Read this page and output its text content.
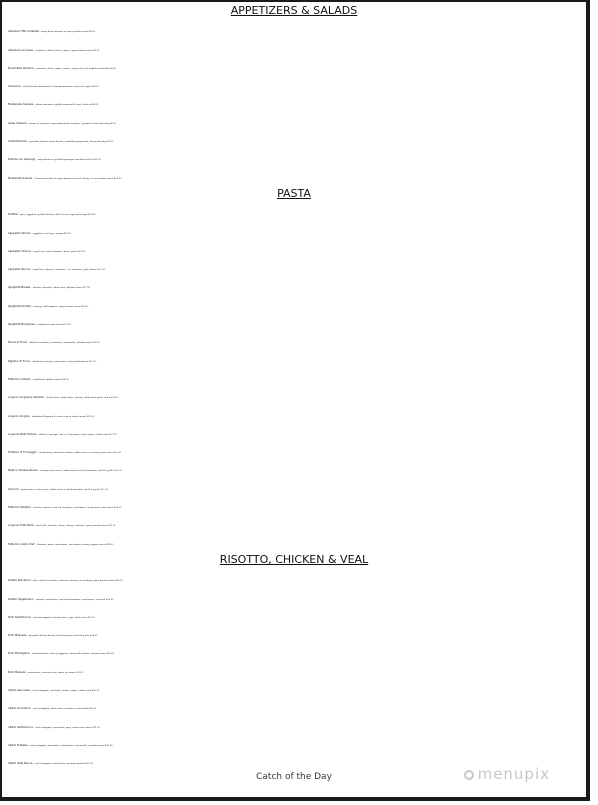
APPETIZERS & SALADS
Calamari Fritti Arrabiata – deep fried calamari w/ spicy tomato sauce $9.95
Calamari Livornese – sautéed w/ black olives, capers, spicy tomato sauce $9.95
Bruschetta Romana – tomatoes, basil, capers, onions, virgin olive oil, buffalo mozzarella $8.95
Carpaccio – thinly sliced cured beef w/ shaved parmesan cheese & capers $9.95
Mozzarella Caprese – sliced tomatoes, buffalo mozzarella, basil, olive oil $8.95
Cesar Classica – hearts of romaine, homemade garlic croutons, signature Cesar dressing $6.95
Grilled Romain – pancetta (Italian cured bacon), crumbled gorgonzola, house dressing $9.95
Polenta con asparagi – soft polenta w/ grilled asparagus and black olives $12.95
Mozzarella Scampi – Fried mozzarella w/ spicy tomato sauce & shrimp, in an anisette sauce $13.95
PASTA
Farfalle – peas, eggplant, grilled chicken, dash of veal ragu and asiago $20.95
Cappellini Norma – eggplant, veal ragu, asiago $16.95
Cappellini Checca – angel hair, fresh tomatoes, basil, garlic $14.95
Cappellini Burina – angel hair, spinach, tomatoes, s. d. tomatoes, goat cheese $15.95
Spaghetti Barese – chicken, broccoli, white wine, Alfredo sauce $17.95
Spaghetti Ghiotta – sausage, bell peppers, spicy tomato sauce $16.95
Spaghetti Bolognese – traditional meat sauce $15.95
Penne al Forno – baked w/ chicken, artichokes, mozzarella, alfredo sauce $16.95
Rigatoni Al Forno – baked w/ sausage, meat sauce, mozzarella cheese $17.95
Fettuccini Alfredo – traditional alfredo sauce $14.95
Linguini Vongole & Gamberi – fresh clams, baby clams, shrimp, white wine garlic sauce $22.95
Linguini Vongole – traditional linguine & clams (red or white sauce) $18.95
Linguine Mala Femina – chicken, sausage, and s. d. tomatoes, Cajun spices, white wine $17.95
Tortellini di Formaggio – mushrooms, parmesan cheese, vodka sauce or creamy meat sauce $15.95
Meat or Cheese Ravioli – creamy meat sauce, vodka sauce or fresh tomatoes, basil & garlic $15.95
Gnocchi – pesto sauce, meat sauce, vodka sauce or fresh tomatoes, basil & garlic $15.95
Fettuccini Bettola – chicken, spinach, and s.d. tomatoes, artichokes, mushrooms, pink sauce $20.95
Linguine Tutto Mare – fresh fish, mussels, clams, shrimp, calamari, spicy tomato sauce $26.95
Fettuccini dello Chef – Pancetta, peas, mushrooms, red onions creamy cognac sauce $20.95
RISOTTO, CHICKEN & VEAL
Risotto Pescatora – fish, clams & mussels, calamari, shrimp, sea scallops, spicy tomato sauce $26.95
Risotto Vegetariano – spinach, artichokes, sun dried tomatoes, mushrooms, zucchini $20.95
Pollo Saltimbocca – chicken topped w/ parma ham, sage, white wine $21.95
Pollo Milanese – breaded chicken breast, fresh tomatoes, basil & garlic $18.95
Pollo Parmigiana – chicken breast, slice of eggplant, mozzarella cheese, tomato sauce $18.95
Pollo Marsala – mushrooms, marsala wine, touch of cream $19.95
Vitello Genovese – veal scaloppini, artichoke, lemon, capers, white wine $20.95
Vitello Sorrentina – veal scaloppini, white wine, marinara, mozzarella $20.95
Vitello Saltimbocca – veal scaloppini, prosciutto, sage, white wine sauce $21.95
Vitello Fantasia – veal scaloppini, prosciutto, mushrooms, mozzarella, marsala sauce $22.95
Vitello della Nonna – veal scaloppini, mushrooms, brandy mustard $21.95
Catch of the Day	menupix
